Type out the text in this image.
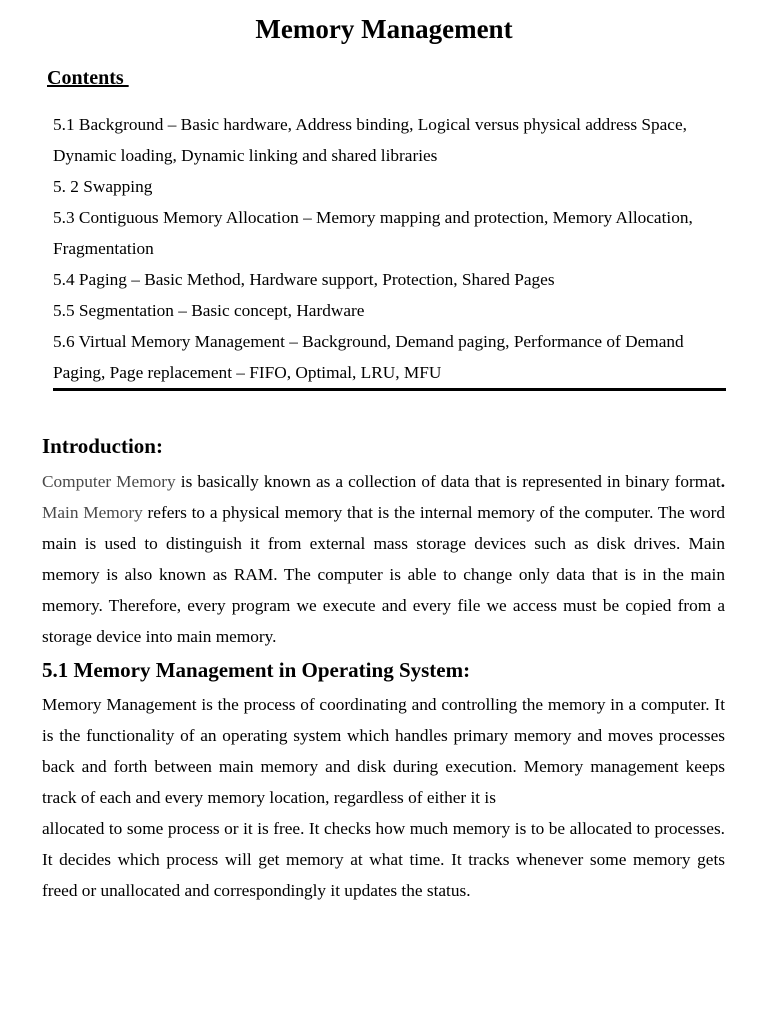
Memory Management
Contents
5.1 Background – Basic hardware, Address binding, Logical versus physical address Space, Dynamic loading, Dynamic linking and shared libraries
5. 2 Swapping
5.3 Contiguous Memory Allocation – Memory mapping and protection, Memory Allocation, Fragmentation
5.4 Paging – Basic Method, Hardware support, Protection, Shared Pages
5.5 Segmentation – Basic concept, Hardware
5.6 Virtual Memory Management – Background, Demand paging, Performance of Demand Paging, Page replacement – FIFO, Optimal, LRU, MFU
Introduction:

Computer Memory is basically known as a collection of data that is represented in binary format. Main Memory refers to a physical memory that is the internal memory of the computer. The word main is used to distinguish it from external mass storage devices such as disk drives. Main memory is also known as RAM. The computer is able to change only data that is in the main memory. Therefore, every program we execute and every file we access must be copied from a storage device into main memory.

5.1 Memory Management in Operating System:

Memory Management is the process of coordinating and controlling the memory in a computer. It is the functionality of an operating system which handles primary memory and moves processes back and forth between main memory and disk during execution. Memory management keeps track of each and every memory location, regardless of either it is
allocated to some process or it is free. It checks how much memory is to be allocated to processes. It decides which process will get memory at what time. It tracks whenever some memory gets freed or unallocated and correspondingly it updates the status.
